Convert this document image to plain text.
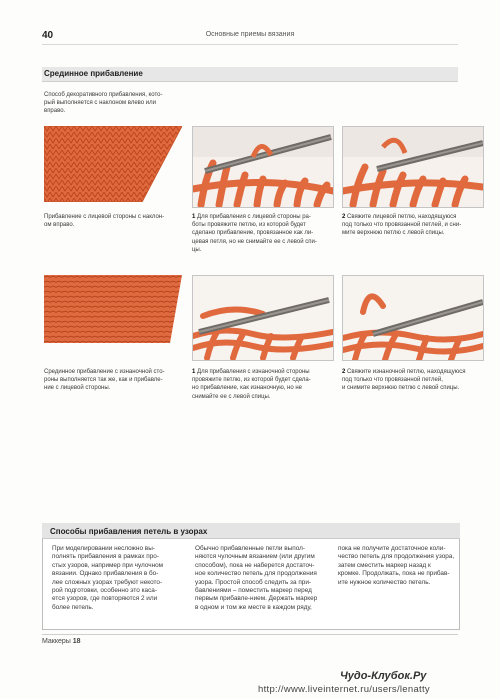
40	Основные приемы вязания
Срединное прибавление
Способ декоративного прибавления, кото-
рый выполняется с наклоном влево или
вправо.
Прибавление с лицевой стороны с наклон-
ом вправо.
1 Для прибавления с лицевой стороны ра-
боты провяжите петлю, из которой будет
сделано прибавление, провязанное как ли-
цевая петля, но не снимайте ее с левой спи-
цы.
2 Свяжите лицевой петлю, находящуюся
под только что провязанной петлей, и сни-
мите верхнюю петлю с левой спицы.
Срединное прибавление с изнаночной сто-
роны выполняется так же, как и прибавле-
ние с лицевой стороны.
1 Для прибавления с изнаночной стороны
провяжите петлю, из которой будет сдела-
но прибавление, как изнаночную, но не
снимайте ее с левой спицы.
2 Свяжите изнаночной петлю, находящуюся
под только что провязанной петлей,
и снимите верхнюю петлю с левой спицы.
Способы прибавления петель в узорах
При моделировании несложно вы-
полнять прибавления в рамках про-
стых узоров, например при чулочном
вязании. Однако прибавления в бо-
лее сложных узорах требуют некото-
рой подготовки, особенно это каса-
ется узоров, где повторяются 2 или
более петель.
Обычно прибавленные петли выпол-
няются чулочным вязанием (или другим
способом), пока не наберется достаточ-
ное количество петель для продолжения
узора. Простой способ следить за при-
бавлениями – поместить маркер перед
первым прибавле-нием. Держать маркер
в одном и том же месте в каждом ряду,
пока не получите достаточное коли-
чество петель для продолжения узора,
затем сместить маркер назад к
кромке. Продолжать, пока не прибав-
ите нужное количество петель.
Маккеры 18
Чудо-Клубок.Ру
http://www.liveinternet.ru/users/lenatty
